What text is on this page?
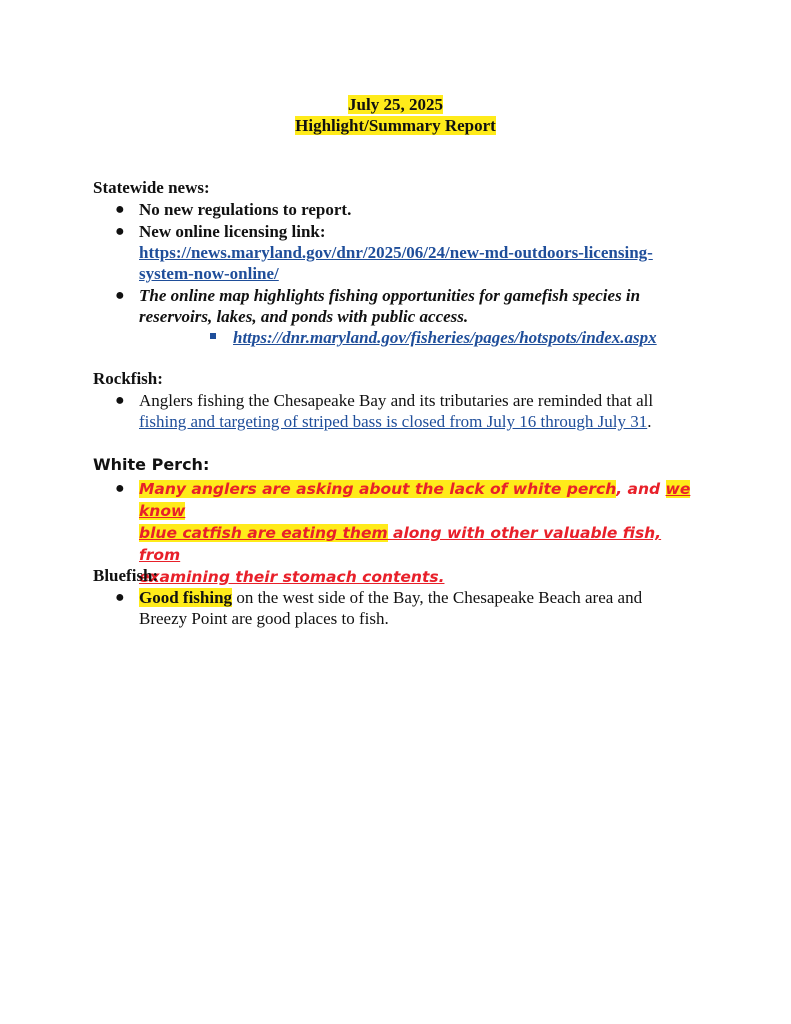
July 25, 2025
Highlight/Summary Report
Statewide news:
● No new regulations to report.
● New online licensing link:
https://news.maryland.gov/dnr/2025/06/24/new-md-outdoors-licensing-
system-now-online/
● The online map highlights fishing opportunities for gamefish species in
reservoirs, lakes, and ponds with public access.
https://dnr.maryland.gov/fisheries/pages/hotspots/index.aspx
Rockfish:
● Anglers fishing the Chesapeake Bay and its tributaries are reminded that all
fishing and targeting of striped bass is closed from July 16 through July 31.
White Perch:
● Many anglers are asking about the lack of white perch, and we know
blue catfish are eating them along with other valuable fish, from
examining their stomach contents.
Bluefish:
● Good fishing on the west side of the Bay, the Chesapeake Beach area and
Breezy Point are good places to fish.
